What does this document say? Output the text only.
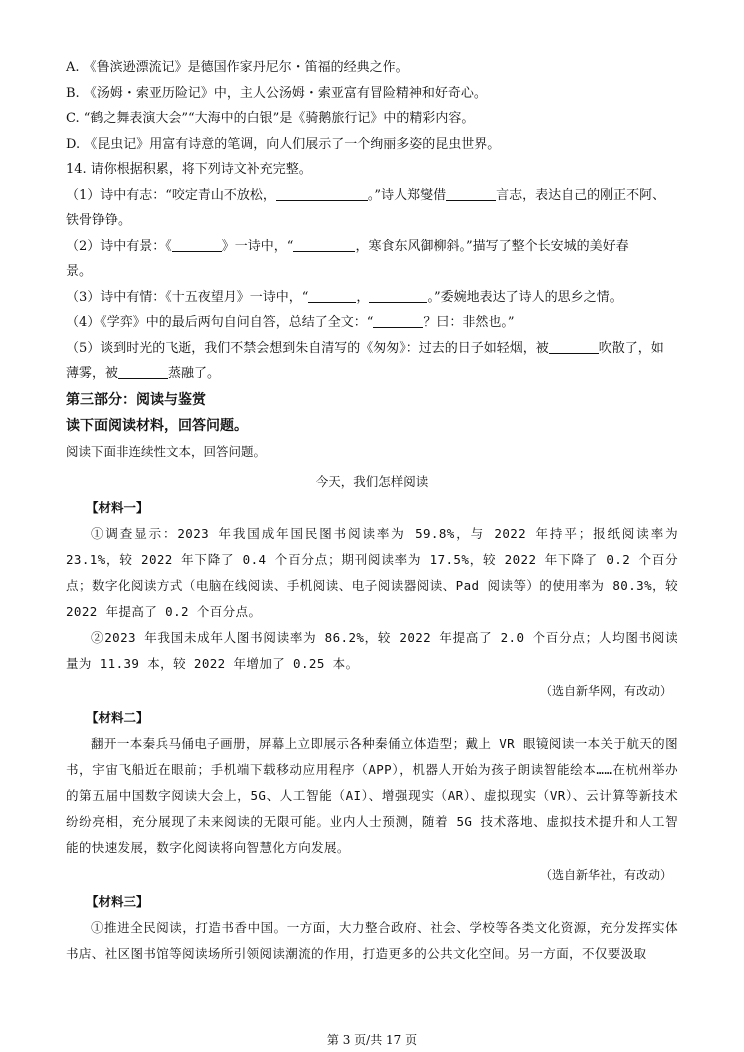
A. 《鲁滨逊漂流记》是德国作家丹尼尔・笛福的经典之作。
B. 《汤姆・索亚历险记》中，主人公汤姆・索亚富有冒险精神和好奇心。
C. “鹤之舞表演大会”“大海中的白银”是《骑鹅旅行记》中的精彩内容。
D. 《昆虫记》用富有诗意的笔调，向人们展示了一个绚丽多姿的昆虫世界。
14. 请你根据积累，将下列诗文补充完整。
（1）诗中有志：“咬定青山不放松，	。”诗人郑燮借	言志，表达自己的刚正不阿、
铁骨铮铮。
（2）诗中有景：《	》一诗中，“	，寒食东风御柳斜。”描写了整个长安城的美好春
景。
（3）诗中有情：《十五夜望月》一诗中，“	，	。”委婉地表达了诗人的思乡之情。
（4）《学弈》中的最后两句自问自答，总结了全文：“	？曰：非然也。”
（5）谈到时光的飞逝，我们不禁会想到朱自清写的《匆匆》：过去的日子如轻烟，被	吹散了，如
薄雾，被	蒸融了。
第三部分：阅读与鉴赏
读下面阅读材料，回答问题。
阅读下面非连续性文本，回答问题。
今天，我们怎样阅读
【材料一】
①调查显示：2023 年我国成年国民图书阅读率为 59.8%，与 2022 年持平；报纸阅读率为 23.1%，较 2022 年下降了 0.4 个百分点；期刊阅读率为 17.5%，较 2022 年下降了 0.2 个百分点；数字化阅读方式（电脑在线阅读、手机阅读、电子阅读器阅读、Pad 阅读等）的使用率为 80.3%，较 2022 年提高了 0.2 个百分点。
②2023 年我国未成年人图书阅读率为 86.2%，较 2022 年提高了 2.0 个百分点；人均图书阅读量为 11.39 本，较 2022 年增加了 0.25 本。
（选自新华网，有改动）
【材料二】
翻开一本秦兵马俑电子画册，屏幕上立即展示各种秦俑立体造型；戴上 VR 眼镜阅读一本关于航天的图书，宇宙飞船近在眼前；手机端下载移动应用程序（APP），机器人开始为孩子朗读智能绘本……在杭州举办的第五届中国数字阅读大会上，5G、人工智能（AI）、增强现实（AR）、虚拟现实（VR）、云计算等新技术纷纷亮相，充分展现了未来阅读的无限可能。业内人士预测，随着 5G 技术落地、虚拟技术提升和人工智能的快速发展，数字化阅读将向智慧化方向发展。
（选自新华社，有改动）
【材料三】
①推进全民阅读，打造书香中国。一方面，大力整合政府、社会、学校等各类文化资源，充分发挥实体书店、社区图书馆等阅读场所引领阅读潮流的作用，打造更多的公共文化空间。另一方面，不仅要汲取
第 3 页/共 17 页
